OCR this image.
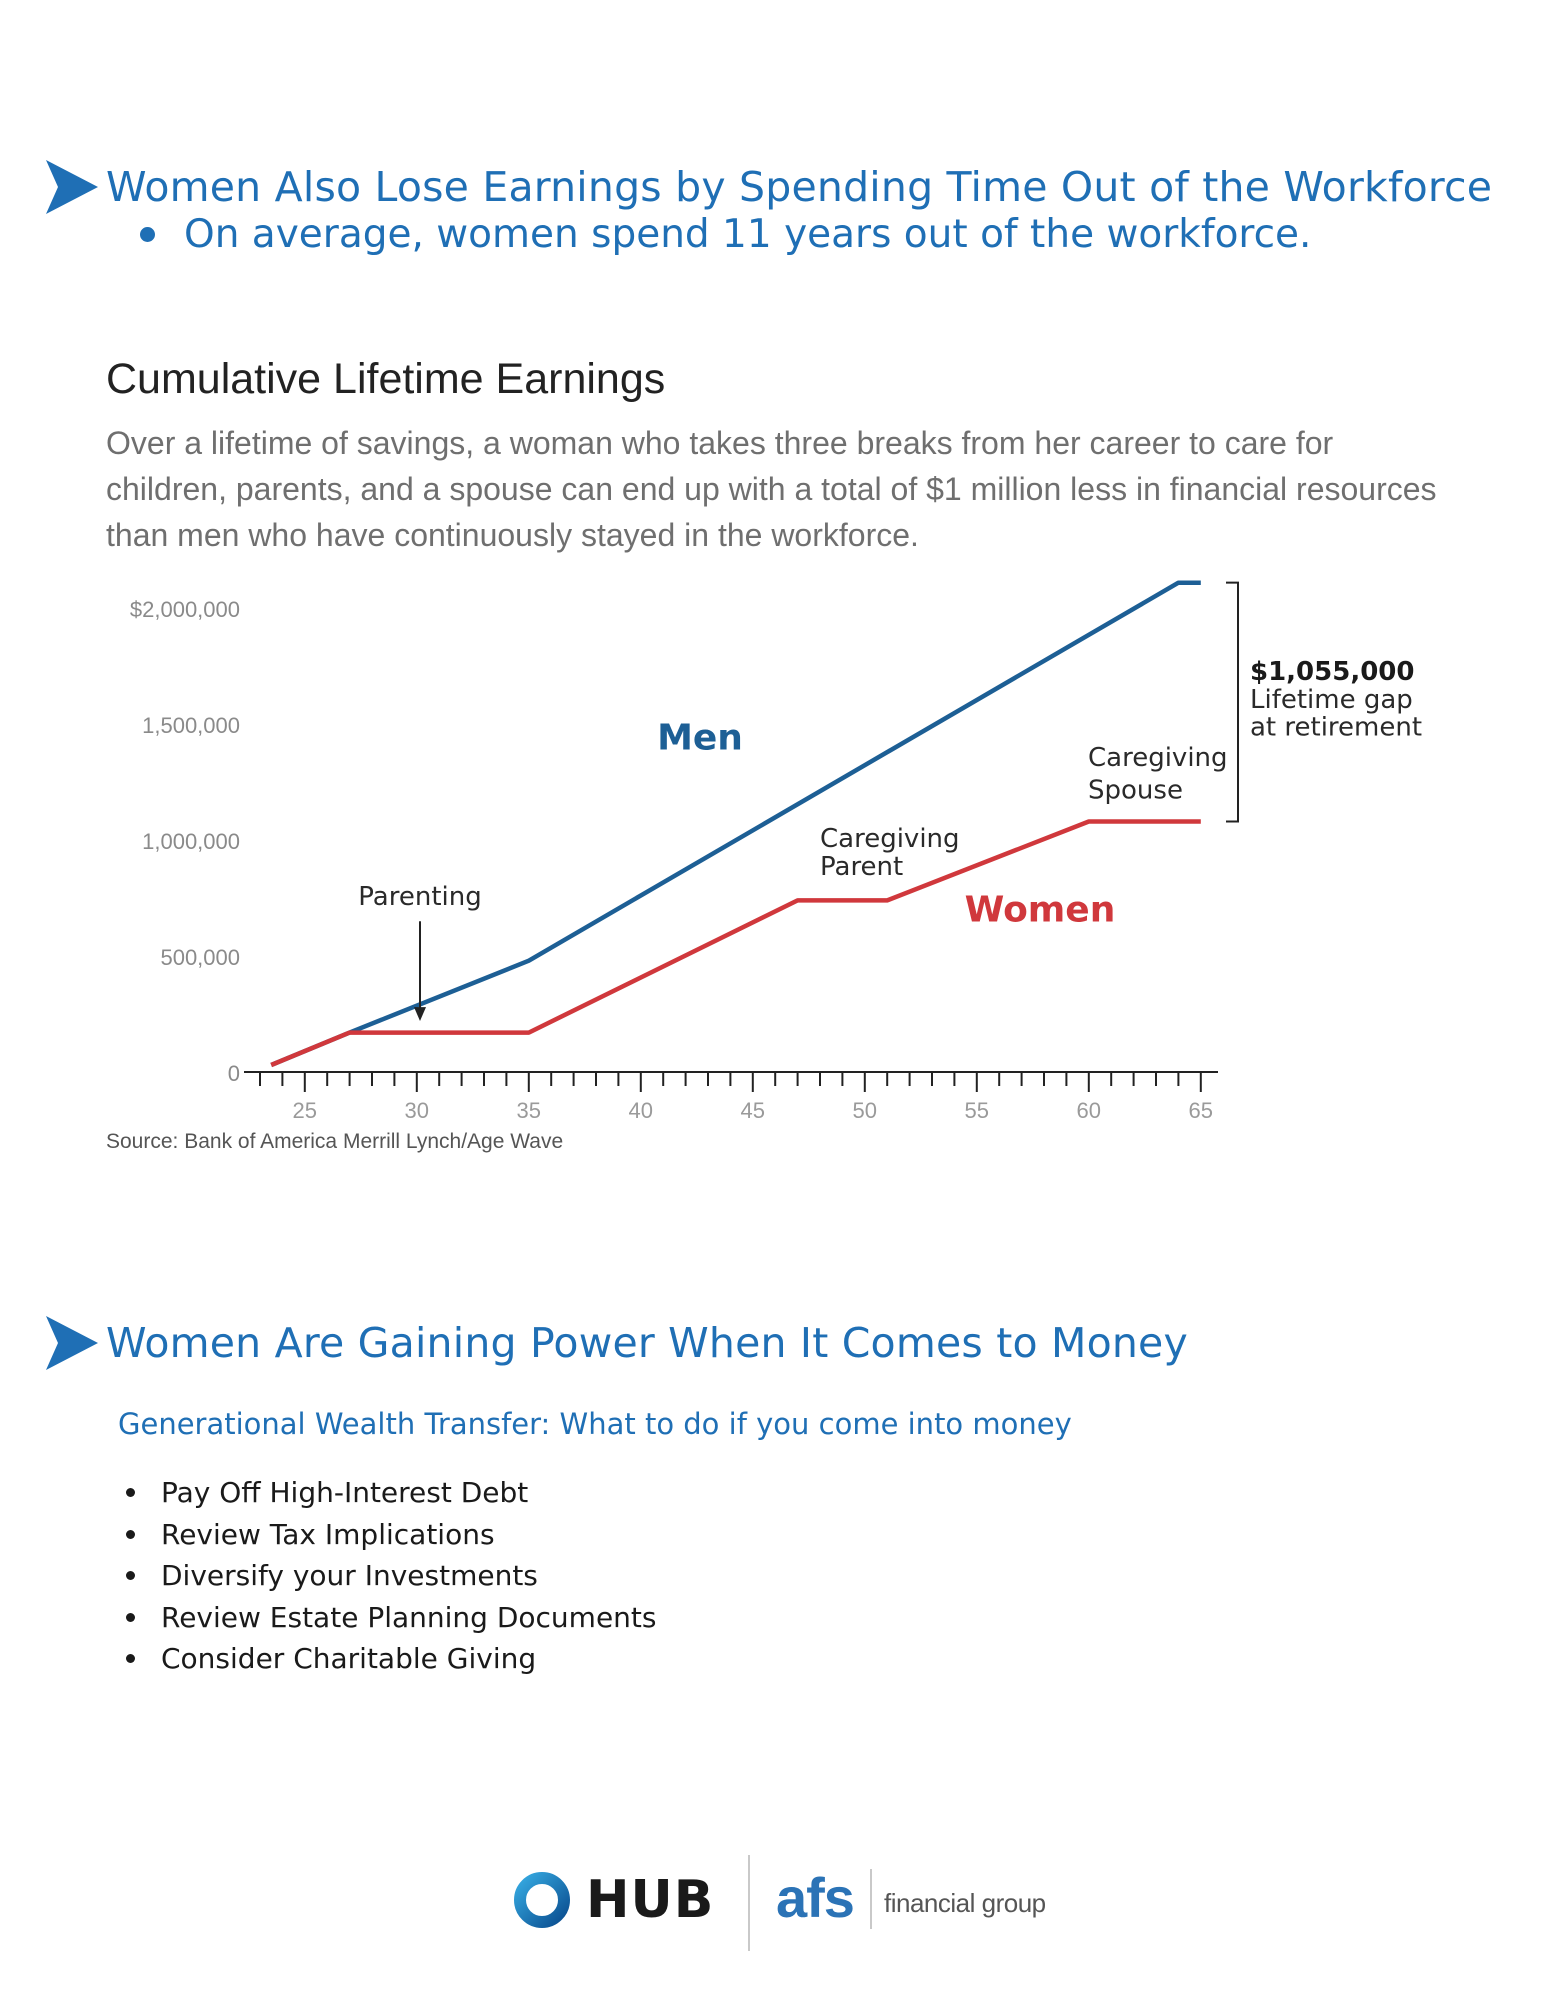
Women Also Lose Earnings by Spending Time Out of the Workforce
On average, women spend 11 years out of the workforce.
Cumulative Lifetime Earnings
Over a lifetime of savings, a woman who takes three breaks from her career to care for children, parents, and a spouse can end up with a total of $1 million less in financial resources than men who have continuously stayed in the workforce.
0
500,000
1,000,000
1,500,000
$2,000,000
25	30	35	40	45	50	55	60	65
Men
Women
Parenting
Caregiving
Parent
Caregiving
Spouse
$1,055,000
Lifetime gap
at retirement
Source: Bank of America Merrill Lynch/Age Wave
Women Are Gaining Power When It Comes to Money
Generational Wealth Transfer: What to do if you come into money
Pay Off High-Interest Debt
Review Tax Implications
Diversify your Investments
Review Estate Planning Documents
Consider Charitable Giving
HUB afs financial group
